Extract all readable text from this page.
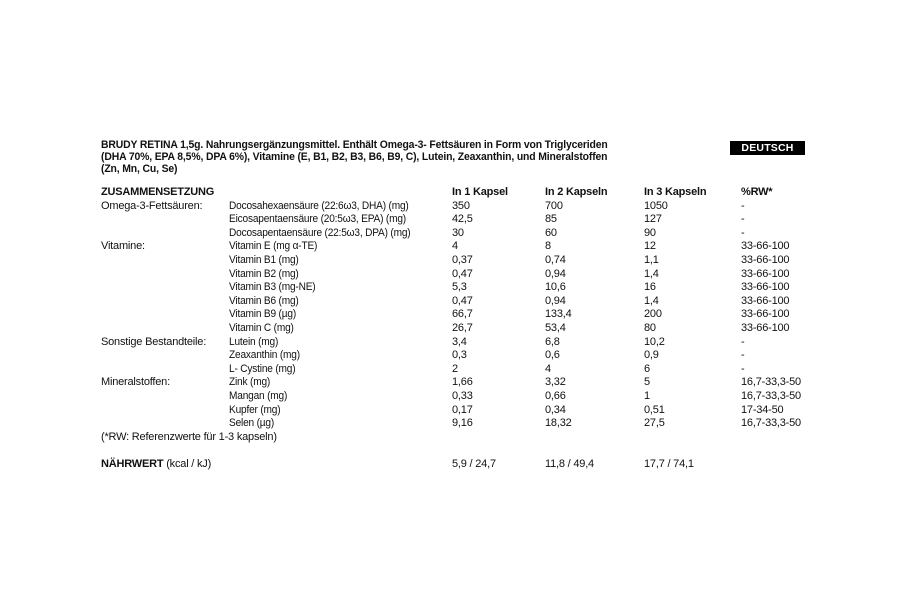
BRUDY RETINA 1,5g. Nahrungsergänzungsmittel. Enthält Omega-3- Fettsäuren in Form von Triglyceriden
(DHA 70%, EPA 8,5%, DPA 6%), Vitamine (E, B1, B2, B3, B6, B9, C), Lutein, Zeaxanthin, und Mineralstoffen
(Zn, Mn, Cu, Se)
DEUTSCH
ZUSAMMENSETZUNG		In 1 Kapsel	In 2 Kapseln	In 3 Kapseln	%RW*
Omega-3-Fettsäuren:	Docosahexaensäure (22:6ω3, DHA) (mg)	350	700	1050	-
	Eicosapentaensäure (20:5ω3, EPA) (mg)	42,5	85	127	-
	Docosapentaensäure (22:5ω3, DPA) (mg)	30	60	90	-
Vitamine:	Vitamin E (mg α-TE)	4	8	12	33-66-100
	Vitamin B1 (mg)	0,37	0,74	1,1	33-66-100
	Vitamin B2 (mg)	0,47	0,94	1,4	33-66-100
	Vitamin B3 (mg-NE)	5,3	10,6	16	33-66-100
	Vitamin B6 (mg)	0,47	0,94	1,4	33-66-100
	Vitamin B9 (µg)	66,7	133,4	200	33-66-100
	Vitamin C (mg)	26,7	53,4	80	33-66-100
Sonstige Bestandteile:	Lutein (mg)	3,4	6,8	10,2	-
	Zeaxanthin (mg)	0,3	0,6	0,9	-
	L- Cystine (mg)	2	4	6	-
Mineralstoffen:	Zink (mg)	1,66	3,32	5	16,7-33,3-50
	Mangan (mg)	0,33	0,66	1	16,7-33,3-50
	Kupfer (mg)	0,17	0,34	0,51	17-34-50
	Selen (µg)	9,16	18,32	27,5	16,7-33,3-50
(*RW: Referenzwerte für 1-3 kapseln)					

NÄHRWERT (kcal / kJ)		5,9 / 24,7	11,8 / 49,4	17,7 / 74,1	
